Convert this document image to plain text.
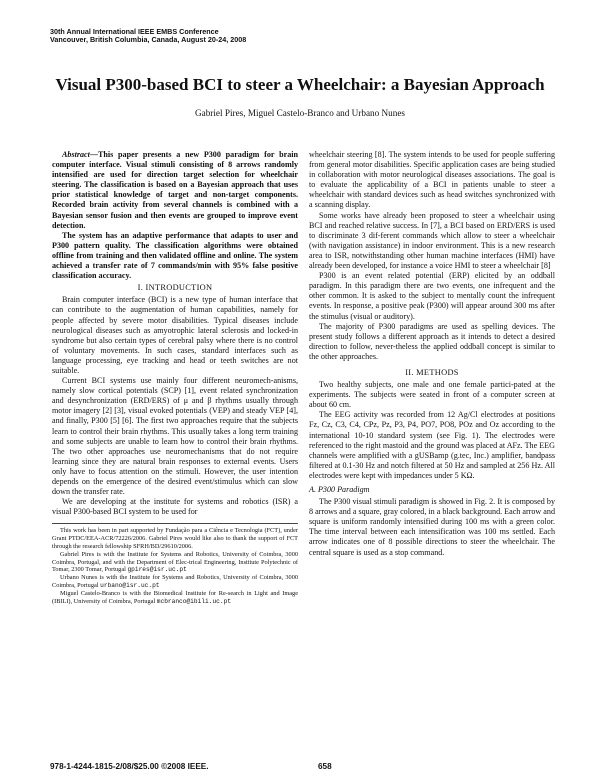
30th Annual International IEEE EMBS Conference
Vancouver, British Columbia, Canada, August 20-24, 2008
Visual P300-based BCI to steer a Wheelchair: a Bayesian Approach
Gabriel Pires, Miguel Castelo-Branco and Urbano Nunes

Abstract—This paper presents a new P300 paradigm for brain computer interface. Visual stimuli consisting of 8 arrows randomly intensified are used for direction target selection for wheelchair steering. The classification is based on a Bayesian approach that uses prior statistical knowledge of target and non-target components. Recorded brain activity from several channels is combined with a Bayesian sensor fusion and then events are grouped to improve event detection.

The system has an adaptive performance that adapts to user and P300 pattern quality. The classification algorithms were obtained offline from training and then validated offline and online. The system achieved a transfer rate of 7 commands/min with 95% false positive classification accuracy.

I. INTRODUCTION

Brain computer interface (BCI) is a new type of human interface that can contribute to the augmentation of human capabilities, namely for people affected by severe motor disabilities. Typical diseases include neurological diseases such as amyotrophic lateral sclerosis and locked-in syndrome but also certain types of cerebral palsy where there is no control of voluntary movements. In such cases, standard interfaces such as language processing, eye tracking and head or teeth switches are not suitable.

Current BCI systems use mainly four different neuromech-anisms, namely slow cortical potentials (SCP) [1], event related synchronization and desynchronization (ERD/ERS) of μ and β rhythms usually through motor imagery [2] [3], visual evoked potentials (VEP) and steady VEP [4], and finally, P300 [5] [6]. The first two approaches require that the subjects learn to control their brain rhythms. This usually takes a long term training and some subjects are unable to learn how to control their brain rhythms. The two other approaches use neuromechanisms that do not require learning since they are natural brain responses to external events. Users only have to focus attention on the stimuli. However, the user intention depends on the emergence of the desired event/stimulus which can slow down the transfer rate.

We are developing at the institute for systems and robotics (ISR) a visual P300-based BCI system to be used for

This work has been in part supported by Fundação para a Ciência e Tecnologia (FCT), under Grant PTDC/EEA-ACR/72226/2006. Gabriel Pires would like also to thank the support of FCT through the research fellowship SFRH/BD/29610/2006.

Gabriel Pires is with the Institute for Systems and Robotics, University of Coimbra, 3000 Coimbra, Portugal, and with the Department of Elec-trical Engineering, Institute Polytechnic of Tomar, 2300 Tomar, Portugal gpires@isr.uc.pt

Urbano Nunes is with the Institute for Systems and Robotics, University of Coimbra, 3000 Coimbra, Portugal urbano@isr.uc.pt

Miguel Castelo-Branco is with the Biomedical Institute for Re-search in Light and Image (IBILI), University of Coimbra, Portugal mcbranco@ibili.uc.pt

wheelchair steering [8]. The system intends to be used for people suffering from general motor disabilities. Specific application cases are being studied in collaboration with motor neurological diseases associations. The goal is to evaluate the applicability of a BCI in patients unable to steer a wheelchair with standard devices such as head switches synchronized with a scanning display.

Some works have already been proposed to steer a wheelchair using BCI and reached relative success. In [7], a BCI based on ERD/ERS is used to discriminate 3 dif-ferent commands which allow to steer a wheelchair (with navigation assistance) in indoor environment. This is a new research area to ISR, notwithstanding other human machine interfaces (HMI) have already been developed, for instance a voice HMI to steer a wheelchair [8]

P300 is an event related potential (ERP) elicited by an oddball paradigm. In this paradigm there are two events, one infrequent and the other common. It is asked to the subject to mentally count the infrequent events. In response, a positive peak (P300) will appear around 300 ms after the stimulus (visual or auditory).

The majority of P300 paradigms are used as spelling devices. The present study follows a different approach as it intends to detect a desired direction to follow, never-theless the applied oddball concept is similar to the other approaches.

II. METHODS

Two healthy subjects, one male and one female partici-pated at the experiments. The subjects were seated in front of a computer screen at about 60 cm.

The EEG activity was recorded from 12 Ag/Cl electrodes at positions Fz, Cz, C3, C4, CPz, Pz, P3, P4, PO7, PO8, POz and Oz according to the international 10-10 standard system (see Fig. 1). The electrodes were referenced to the right mastoid and the ground was placed at AFz. The EEG channels were amplified with a gUSBamp (g.tec, Inc.) amplifier, bandpass filtered at 0.1-30 Hz and notch filtered at 50 Hz and sampled at 256 Hz. All electrodes were kept with impedances under 5 KΩ.

A. P300 Paradigm

The P300 visual stimuli paradigm is showed in Fig. 2. It is composed by 8 arrows and a square, gray colored, in a black background. Each arrow and square is uniform randomly intensified during 100 ms with a green color. The time interval between each intensification was 100 ms settled. Each arrow indicates one of 8 possible directions to steer the wheelchair. The central square is used as a stop command.

978-1-4244-1815-2/08/$25.00 ©2008 IEEE.	658
